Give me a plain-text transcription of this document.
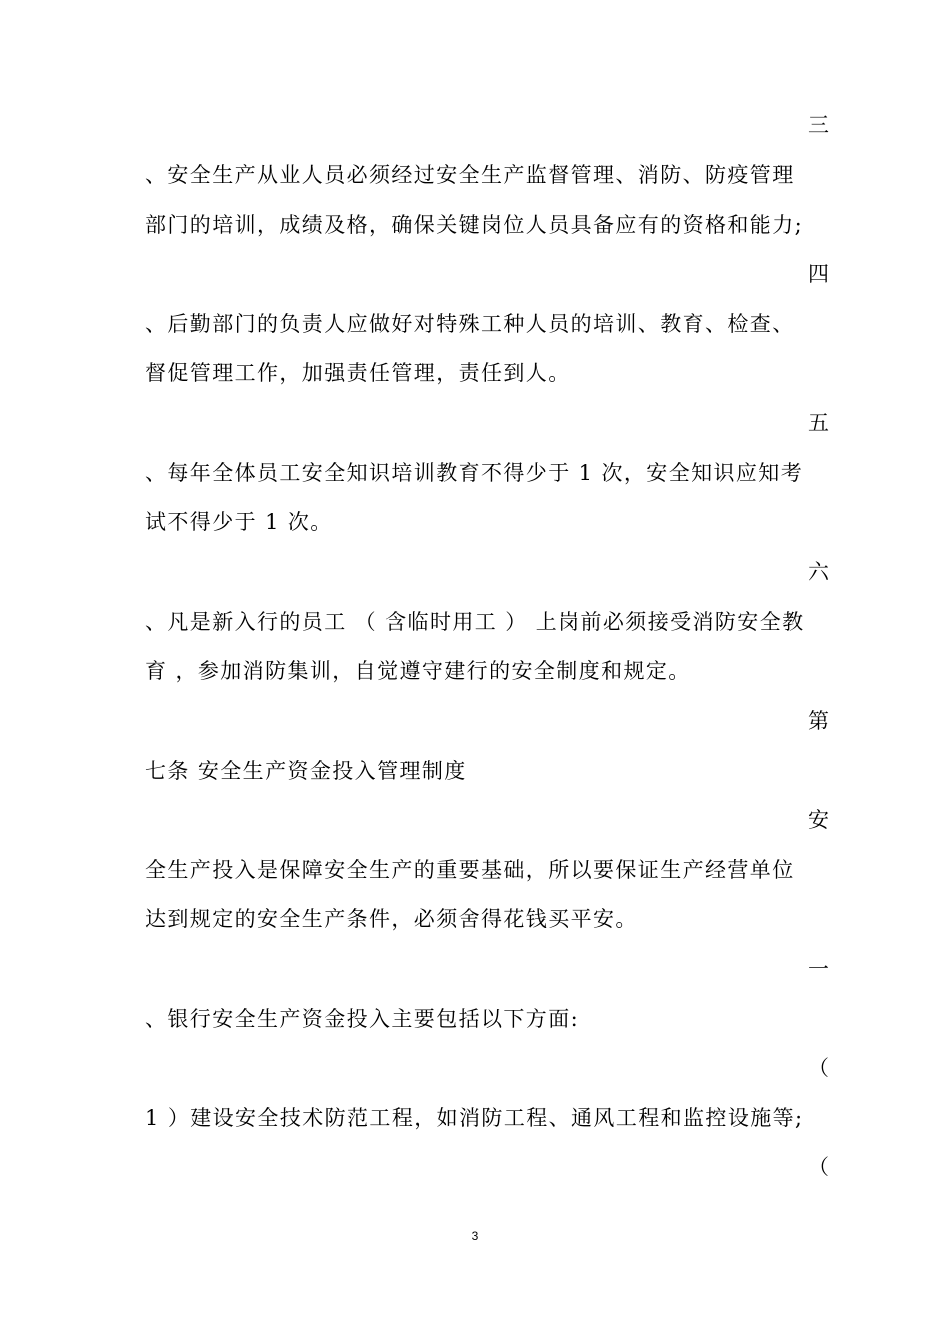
三
、安全生产从业人员必须经过安全生产监督管理、消防、防疫管理
部门的培训，成绩及格，确保关键岗位人员具备应有的资格和能力;
四
、后勤部门的负责人应做好对特殊工种人员的培训、教育、检查、
督促管理工作，加强责任管理，责任到人。
五
、每年全体员工安全知识培训教育不得少于 1 次，安全知识应知考
试不得少于 1 次。
六
、凡是新入行的员工 （ 含临时用工 ） 上岗前必须接受消防安全教
育 ，参加消防集训，自觉遵守建行的安全制度和规定。
第
七条 安全生产资金投入管理制度
安
全生产投入是保障安全生产的重要基础，所以要保证生产经营单位
达到规定的安全生产条件，必须舍得花钱买平安。
一
、银行安全生产资金投入主要包括以下方面:
（
1 ）建设安全技术防范工程，如消防工程、通风工程和监控设施等;
（
3
